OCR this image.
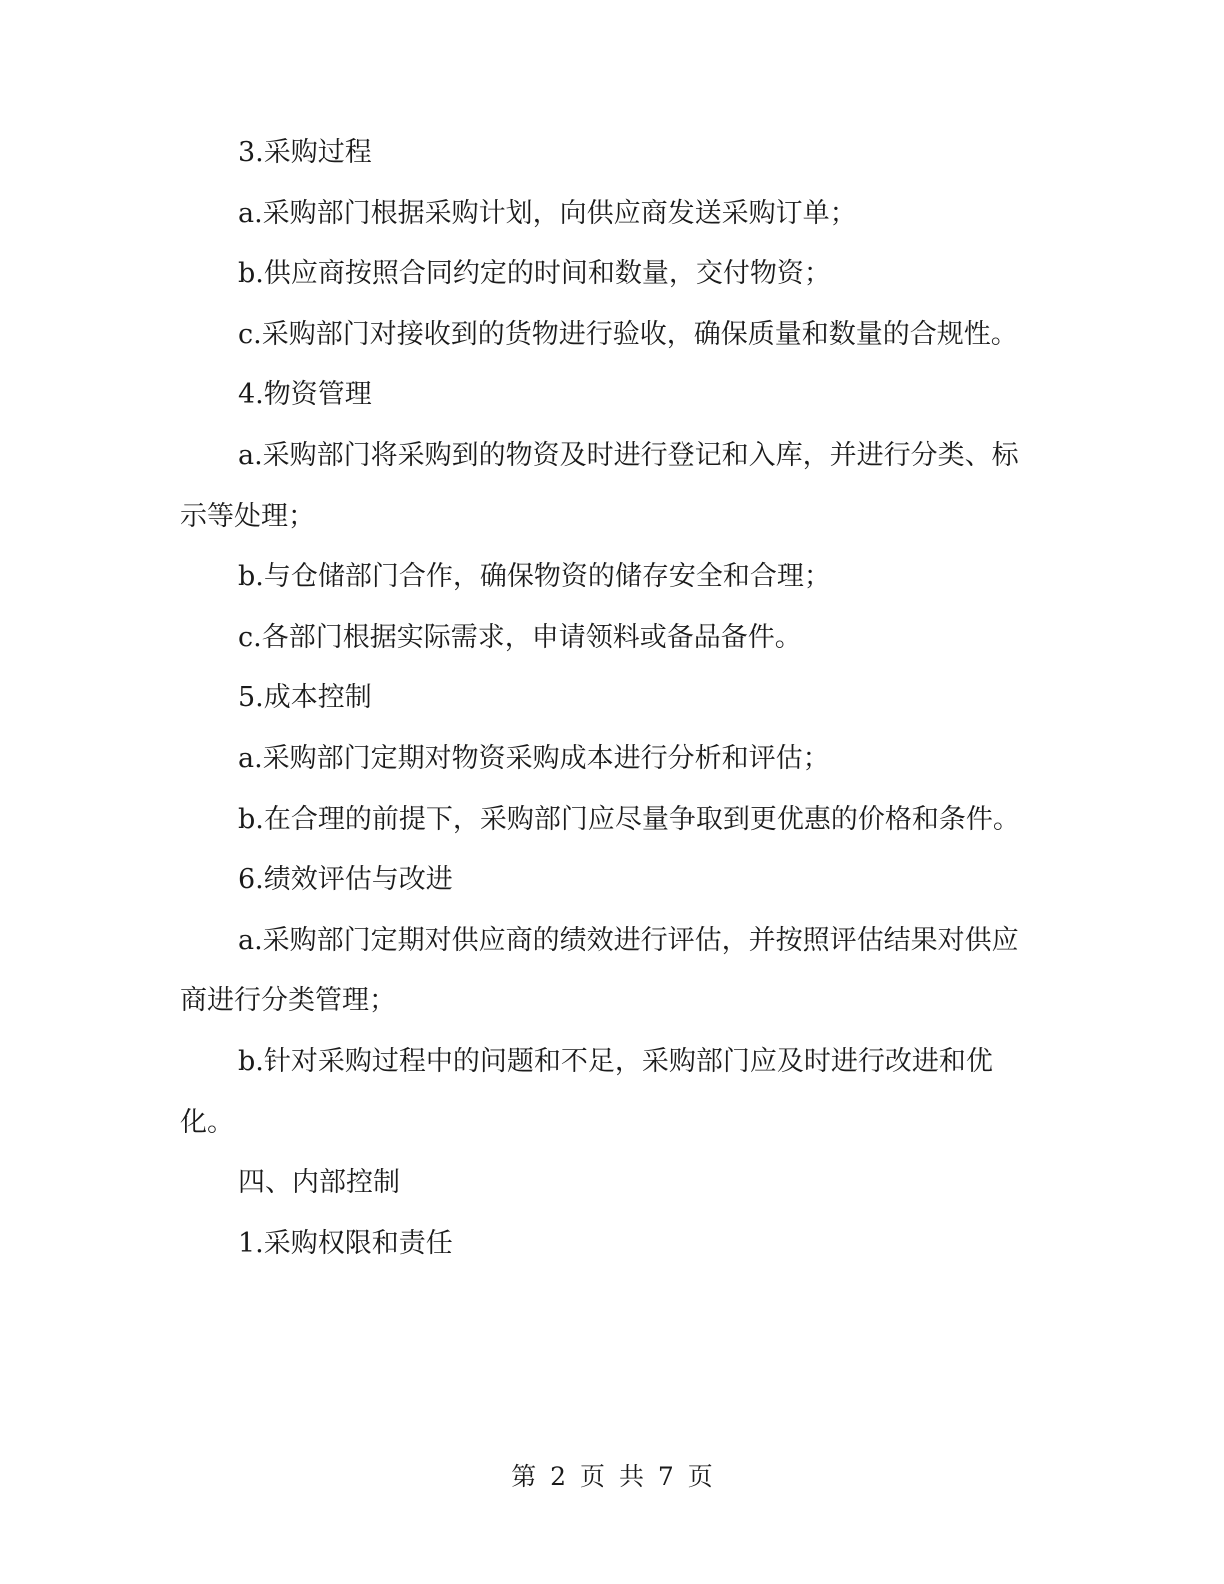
3.采购过程

a.采购部门根据采购计划，向供应商发送采购订单；

b.供应商按照合同约定的时间和数量，交付物资；

c.采购部门对接收到的货物进行验收，确保质量和数量的合规性。

4.物资管理

a.采购部门将采购到的物资及时进行登记和入库，并进行分类、标示等处理；

b.与仓储部门合作，确保物资的储存安全和合理；

c.各部门根据实际需求，申请领料或备品备件。

5.成本控制

a.采购部门定期对物资采购成本进行分析和评估；

b.在合理的前提下，采购部门应尽量争取到更优惠的价格和条件。

6.绩效评估与改进

a.采购部门定期对供应商的绩效进行评估，并按照评估结果对供应商进行分类管理；

b.针对采购过程中的问题和不足，采购部门应及时进行改进和优化。

四、内部控制

1.采购权限和责任

第 2 页 共 7 页
